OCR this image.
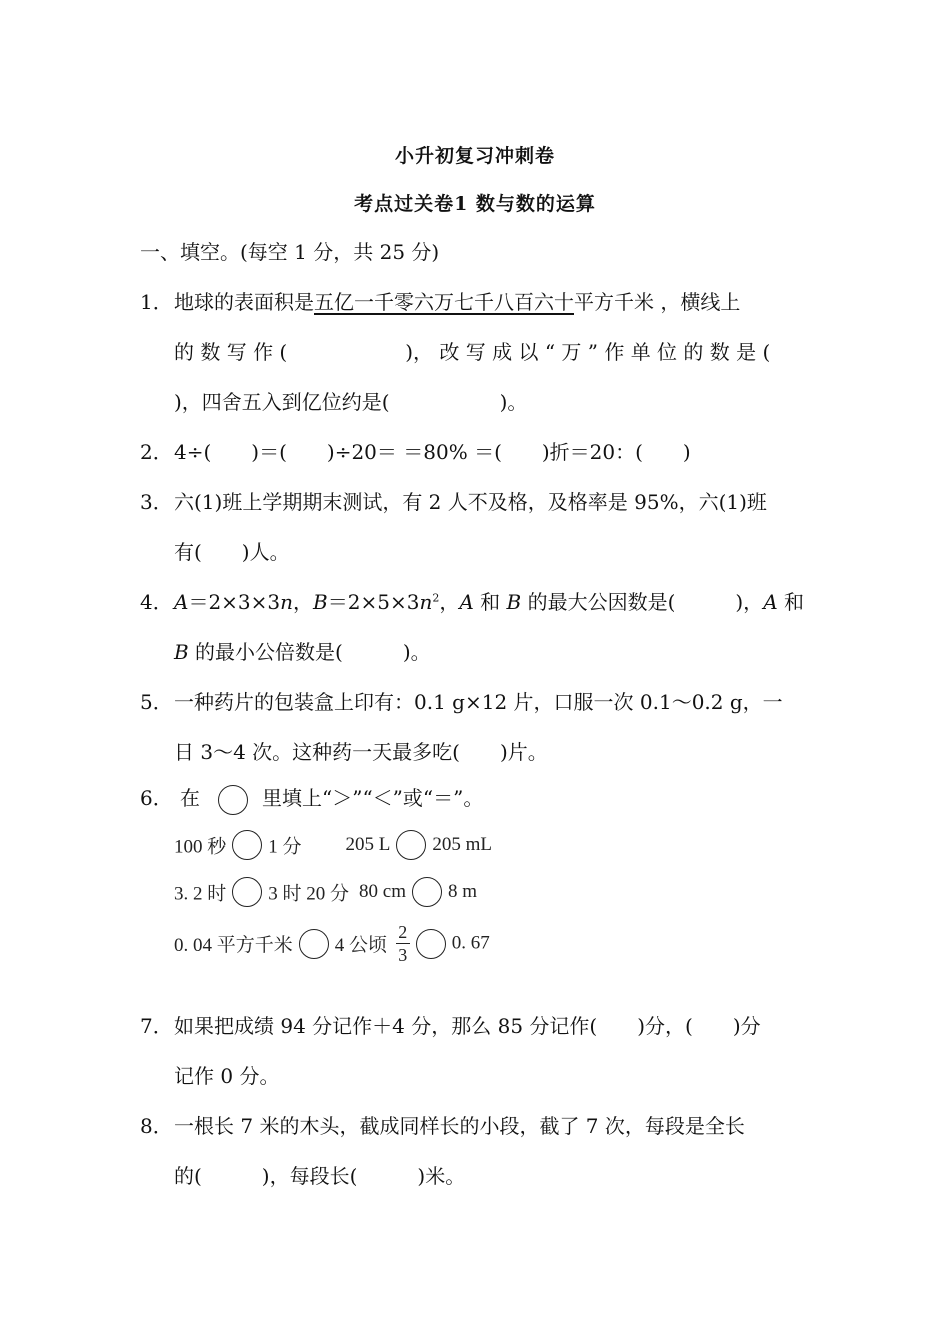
小升初复习冲刺卷
考点过关卷1 数与数的运算
一、填空。(每空 1 分，共 25 分)
1．地球的表面积是五亿一千零六万七千八百六十平方千米 ，横线上
的 数 写 作 (	)， 改 写 成 以 “ 万 ” 作 单 位 的 数 是 (
)，四舍五入到亿位约是(	)。
2．4÷(　　)＝(　　)÷20＝ ＝80% ＝(　　)折＝20：(　　)
3．六(1)班上学期期末测试，有 2 人不及格，及格率是 95%，六(1)班
有(　　)人。
4．A＝2×3×3n，$B=2\times 5\times 3n^2$，A 和 B 的最大公因数是(　　　)，A 和
B 的最小公倍数是(　　　)。
5．一种药片的包装盒上印有：0.1 g×12 片，口服一次 0.1～0.2 g，一
日 3～4 次。这种药一天最多吃(　　)片。
6． 在	里填上“＞”“＜”或“＝”。
100 秒 1 分 205 L 205 mL
3. 2 时 3 时 20 分 80 cm 8 m
0. 04 平方千米 4 公顷 $\frac{2}{3} 0$. 67
7．如果把成绩 94 分记作＋4 分，那么 85 分记作(　　)分，(　　)分
记作 0 分。
8．一根长 7 米的木头，截成同样长的小段，截了 7 次，每段是全长
的(　　　)，每段长(　　　)米。
